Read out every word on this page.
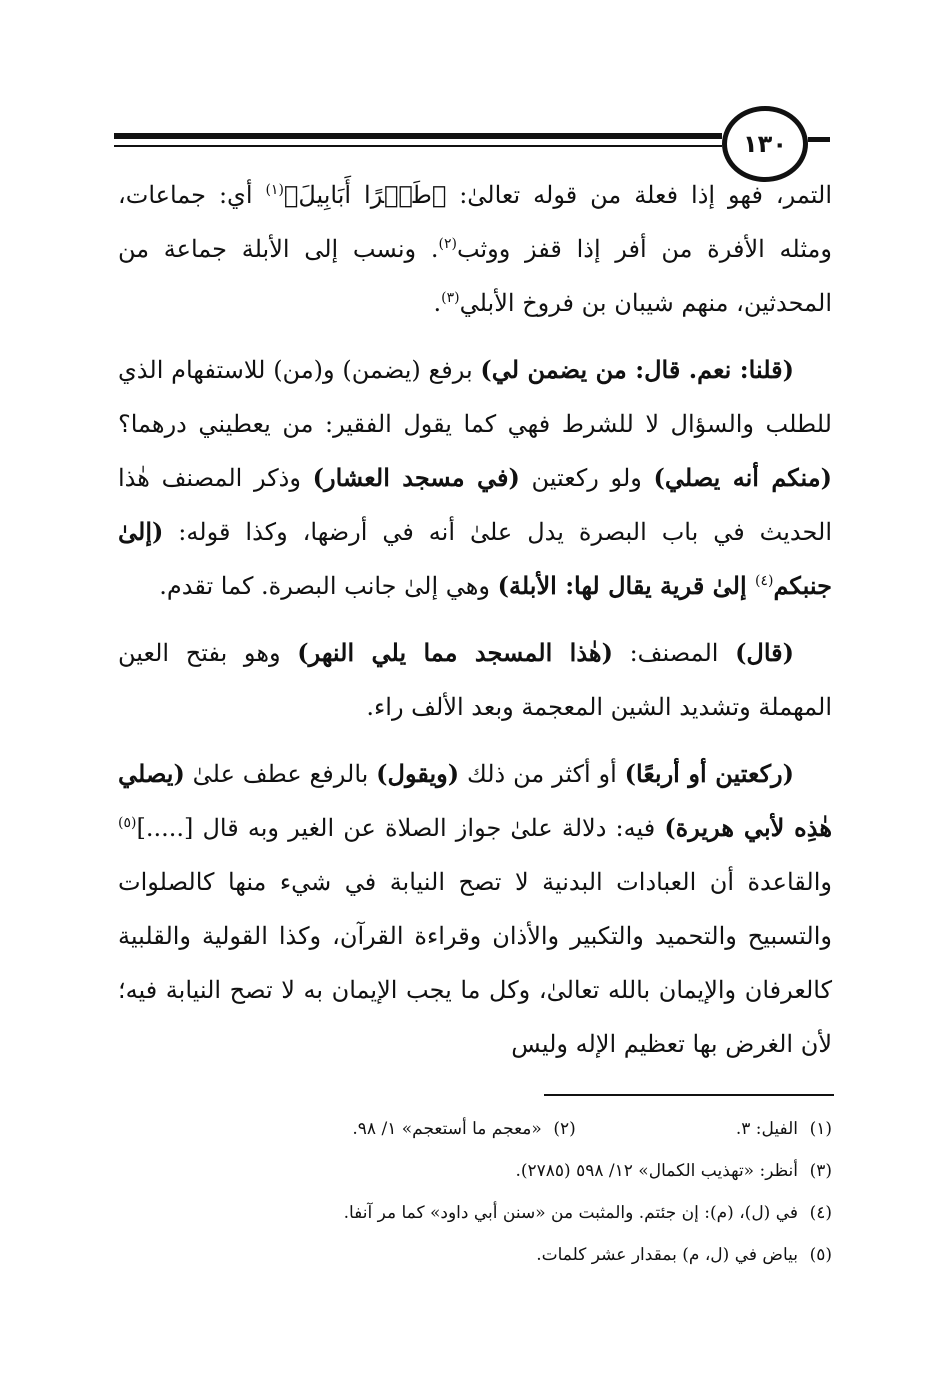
١٣٠

التمر، فهو إذا فعلة من قوله تعالىٰ: ﴿طَيۡرًا أَبَابِيلَ﴾$^{(١)}$ أي: جماعات، ومثله الأفرة من أفر إذا قفز ووثب$^{(٢)}$. ونسب إلى الأبلة جماعة من المحدثين، منهم شيبان بن فروخ الأبلي$^{(٣)}$.

(قلنا: نعم. قال: من يضمن لي) برفع (يضمن) و(من) للاستفهام الذي للطلب والسؤال لا للشرط فهي كما يقول الفقير: من يعطيني درهما؟ (منكم أنه يصلي) ولو ركعتين (في مسجد العشار) وذكر المصنف هٰذا الحديث في باب البصرة يدل علىٰ أنه في أرضها، وكذا قوله: (إلىٰ جنبكم$^{(٤)}$ إلىٰ قرية يقال لها: الأبلة) وهي إلىٰ جانب البصرة. كما تقدم.

(قال) المصنف: (هٰذا المسجد مما يلي النهر) وهو بفتح العين المهملة وتشديد الشين المعجمة وبعد الألف راء.

(ركعتين أو أربعًا) أو أكثر من ذلك (ويقول) بالرفع عطف علىٰ (يصلي هٰذِه لأبي هريرة) فيه: دلالة علىٰ جواز الصلاة عن الغير وبه قال [.....]$^{(٥)}$ والقاعدة أن العبادات البدنية لا تصح النيابة في شيء منها كالصلوات والتسبيح والتحميد والتكبير والأذان وقراءة القرآن، وكذا القولية والقلبية كالعرفان والإيمان بالله تعالىٰ، وكل ما يجب الإيمان به لا تصح النيابة فيه؛ لأن الغرض بها تعظيم الإله وليس

(١)
الفيل: ٣.
(٢)
«معجم ما أستعجم» ١/ ٩٨.
(٣)
أنظر: «تهذيب الكمال» ١٢/ ٥٩٨ (٢٧٨٥).
(٤)
في (ل)، (م): إن جئتم. والمثبت من «سنن أبي داود» كما مر آنفا.
(٥)
بياض في (ل، م) بمقدار عشر كلمات.
